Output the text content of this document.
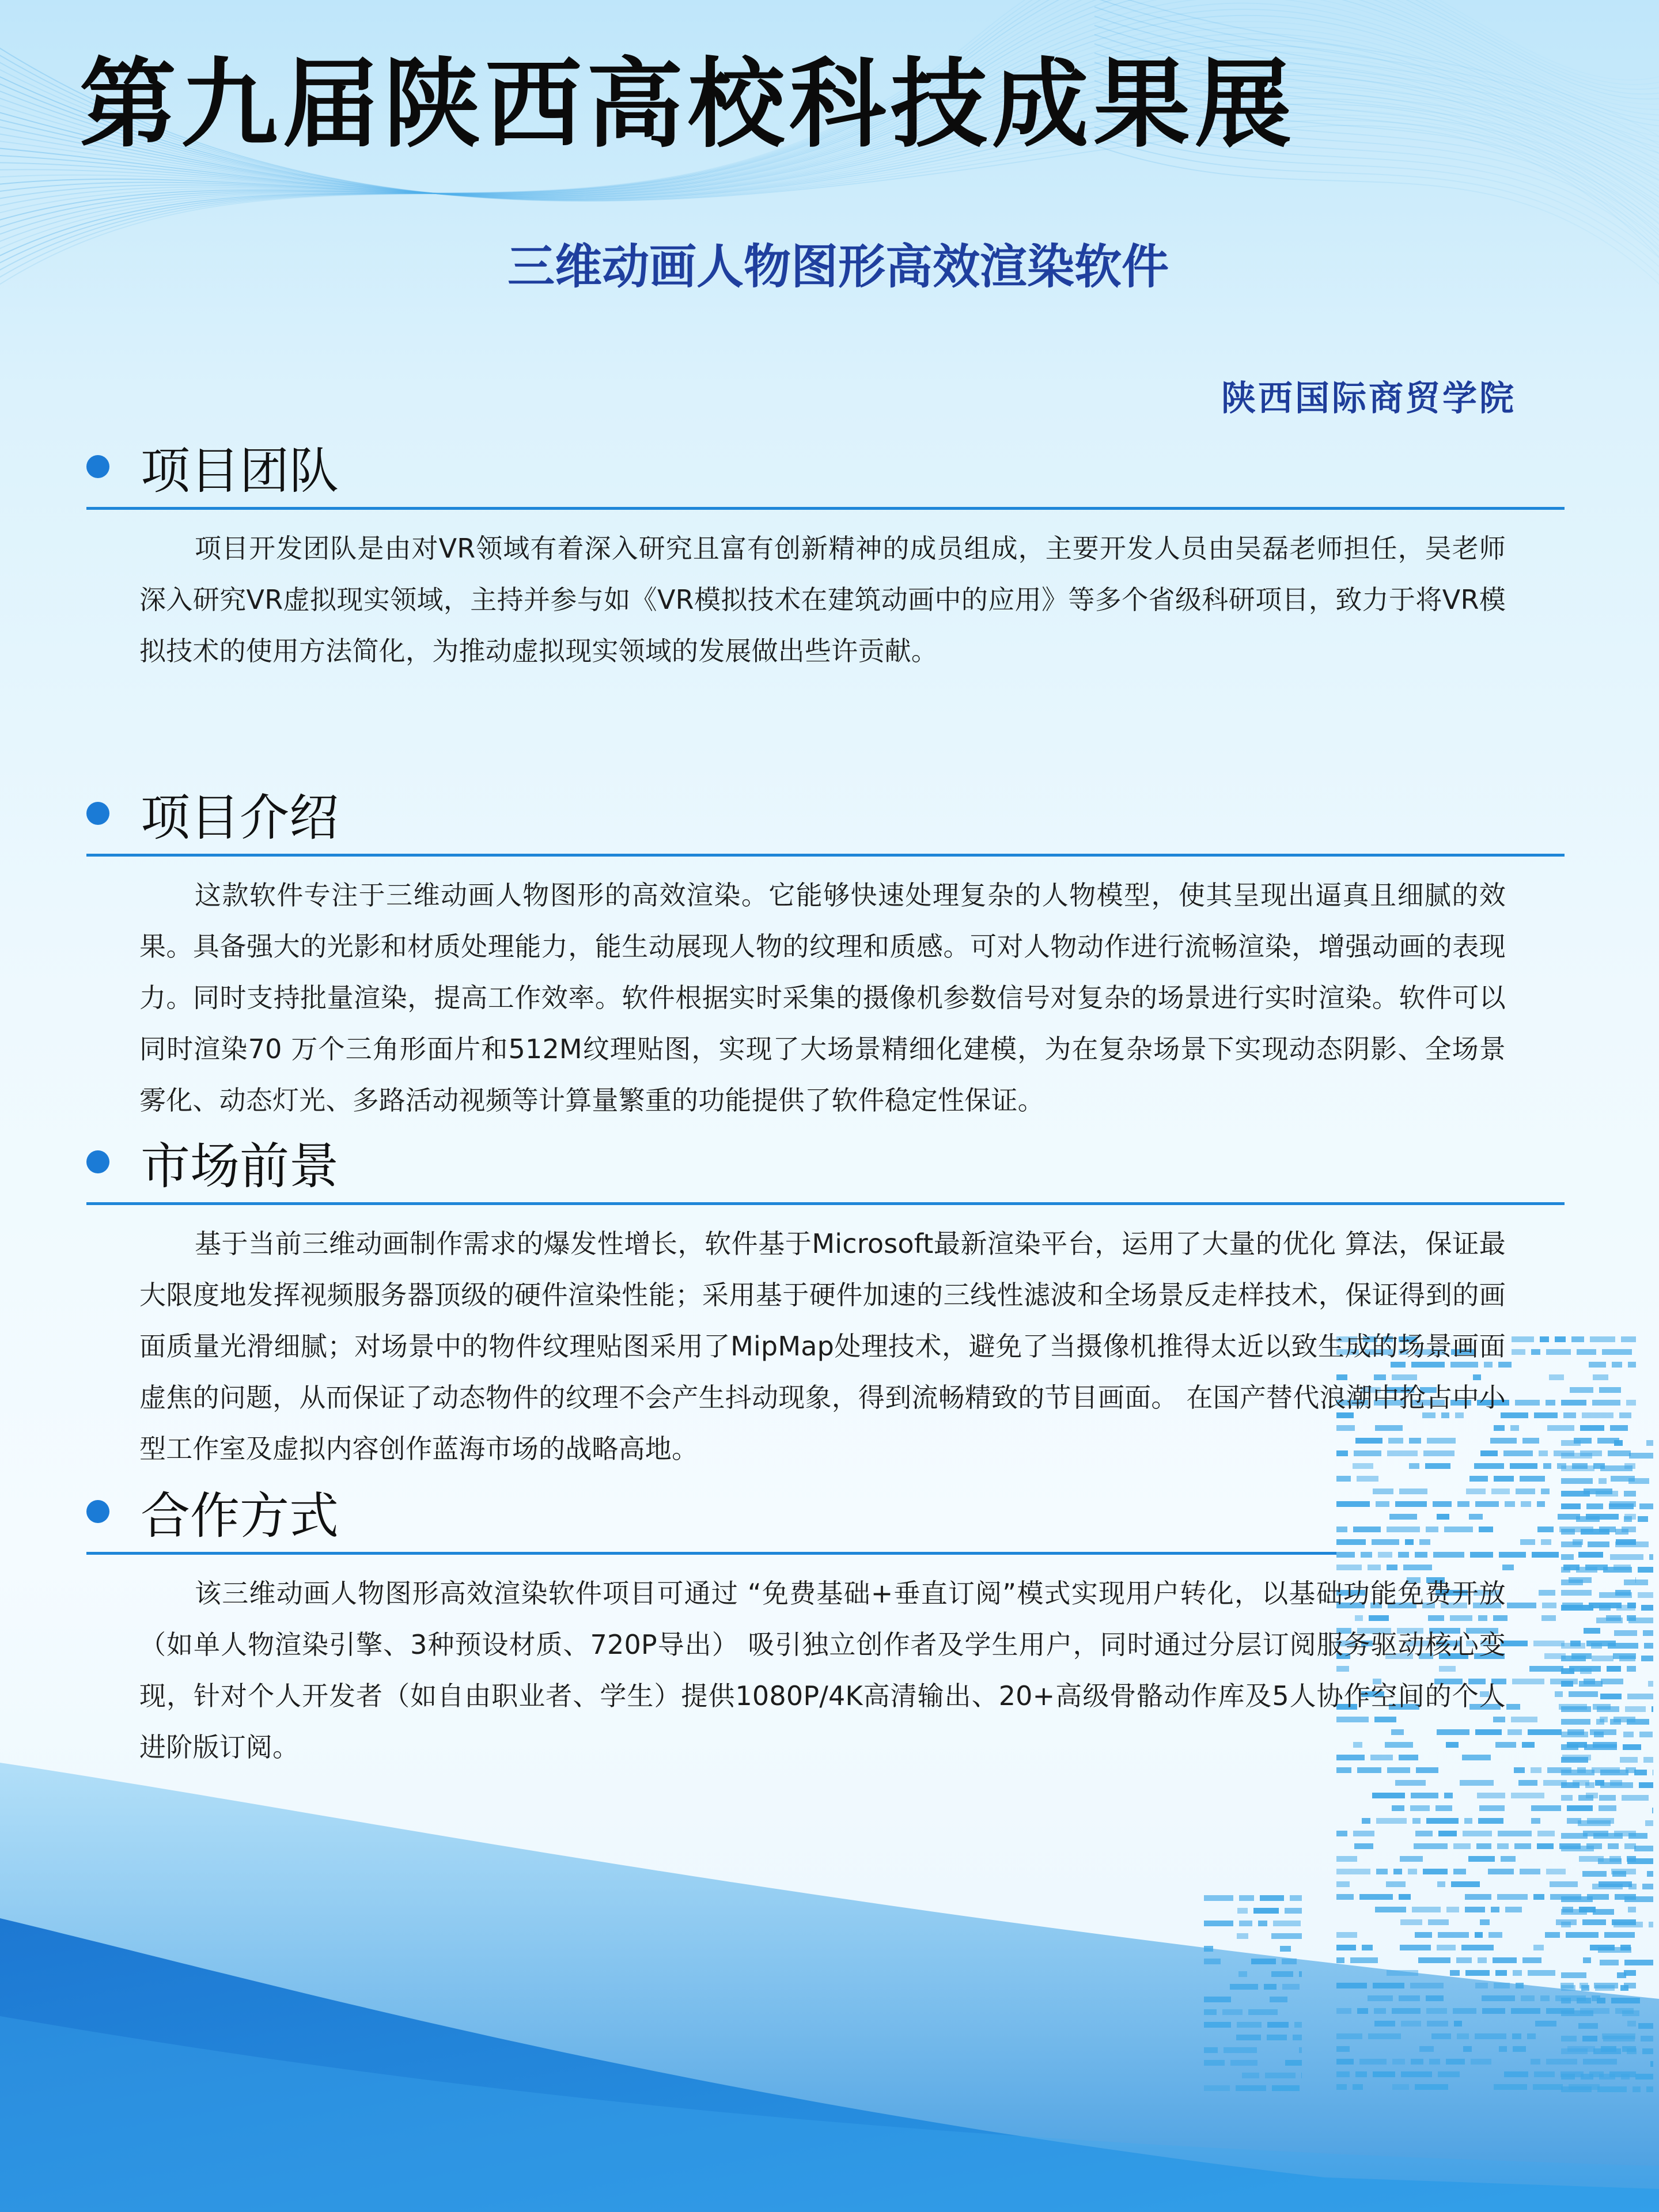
第九届陕西高校科技成果展
三维动画人物图形高效渲染软件
陕西国际商贸学院
项目团队
项目开发团队是由对VR领域有着深入研究且富有创新精神的成员组成，主要开发人员由吴磊老师担任，吴老师深入研究VR虚拟现实领域，主持并参与如《VR模拟技术在建筑动画中的应用》等多个省级科研项目，致力于将VR模拟技术的使用方法简化，为推动虚拟现实领域的发展做出些许贡献。
项目介绍
这款软件专注于三维动画人物图形的高效渲染。它能够快速处理复杂的人物模型，使其呈现出逼真且细腻的效果。具备强大的光影和材质处理能力，能生动展现人物的纹理和质感。可对人物动作进行流畅渲染，增强动画的表现力。同时支持批量渲染，提高工作效率。软件根据实时采集的摄像机参数信号对复杂的场景进行实时渲染。软件可以同时渲染70 万个三角形面片和512M纹理贴图，实现了大场景精细化建模，为在复杂场景下实现动态阴影、全场景雾化、动态灯光、多路活动视频等计算量繁重的功能提供了软件稳定性保证。
市场前景
基于当前三维动画制作需求的爆发性增长，软件基于Microsoft最新渲染平台，运用了大量的优化 算法，保证最大限度地发挥视频服务器顶级的硬件渲染性能；采用基于硬件加速的三线性滤波和全场景反走样技术，保证得到的画面质量光滑细腻；对场景中的物件纹理贴图采用了MipMap处理技术，避免了当摄像机推得太近以致生成的场景画面虚焦的问题，从而保证了动态物件的纹理不会产生抖动现象，得到流畅精致的节目画面。 在国产替代浪潮中抢占中小型工作室及虚拟内容创作蓝海市场的战略高地。
合作方式
该三维动画人物图形高效渲染软件项目可通过 “免费基础+垂直订阅”模式实现用户转化，以基础功能免费开放（如单人物渲染引擎、3种预设材质、720P导出） 吸引独立创作者及学生用户，同时通过分层订阅服务驱动核心变现，针对个人开发者（如自由职业者、学生）提供1080P/4K高清输出、20+高级骨骼动作库及5人协作空间的个人进阶版订阅。
